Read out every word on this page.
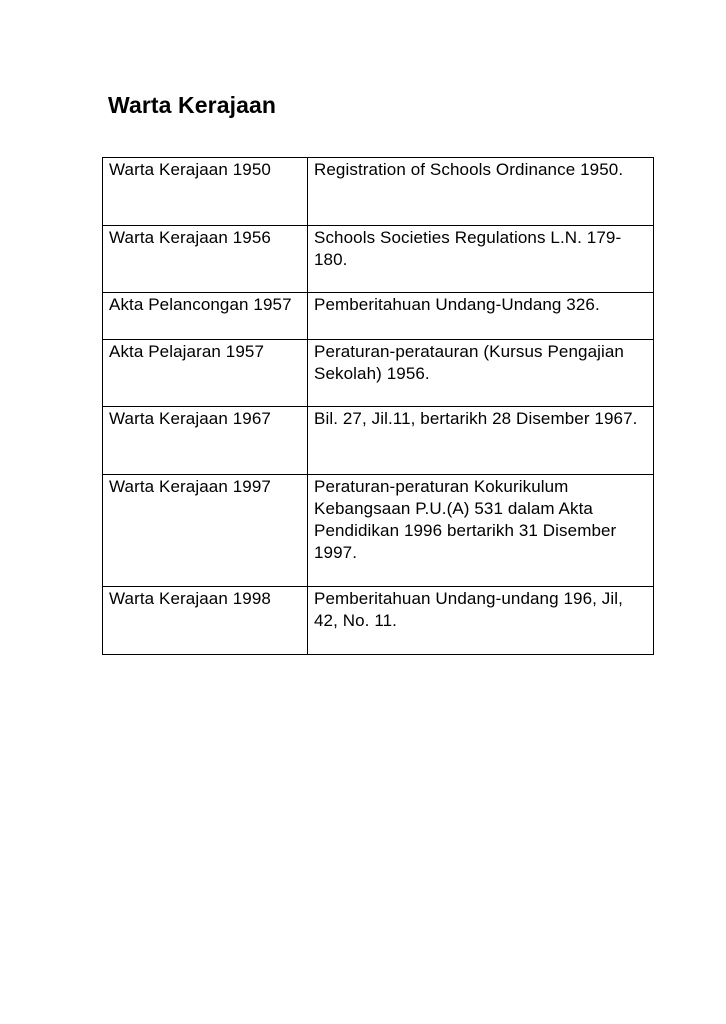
Warta Kerajaan
Warta Kerajaan 1950	Registration of Schools Ordinance 1950.
Warta Kerajaan 1956	Schools Societies Regulations L.N. 179-180.
Akta Pelancongan 1957	Pemberitahuan Undang-Undang 326.
Akta Pelajaran 1957	Peraturan-peratauran (Kursus Pengajian Sekolah) 1956.
Warta Kerajaan 1967	Bil. 27, Jil.11, bertarikh 28 Disember 1967.
Warta Kerajaan 1997	Peraturan-peraturan Kokurikulum Kebangsaan P.U.(A) 531 dalam Akta Pendidikan 1996 bertarikh 31 Disember 1997.
Warta Kerajaan 1998	Pemberitahuan Undang-undang 196, Jil, 42, No. 11.
